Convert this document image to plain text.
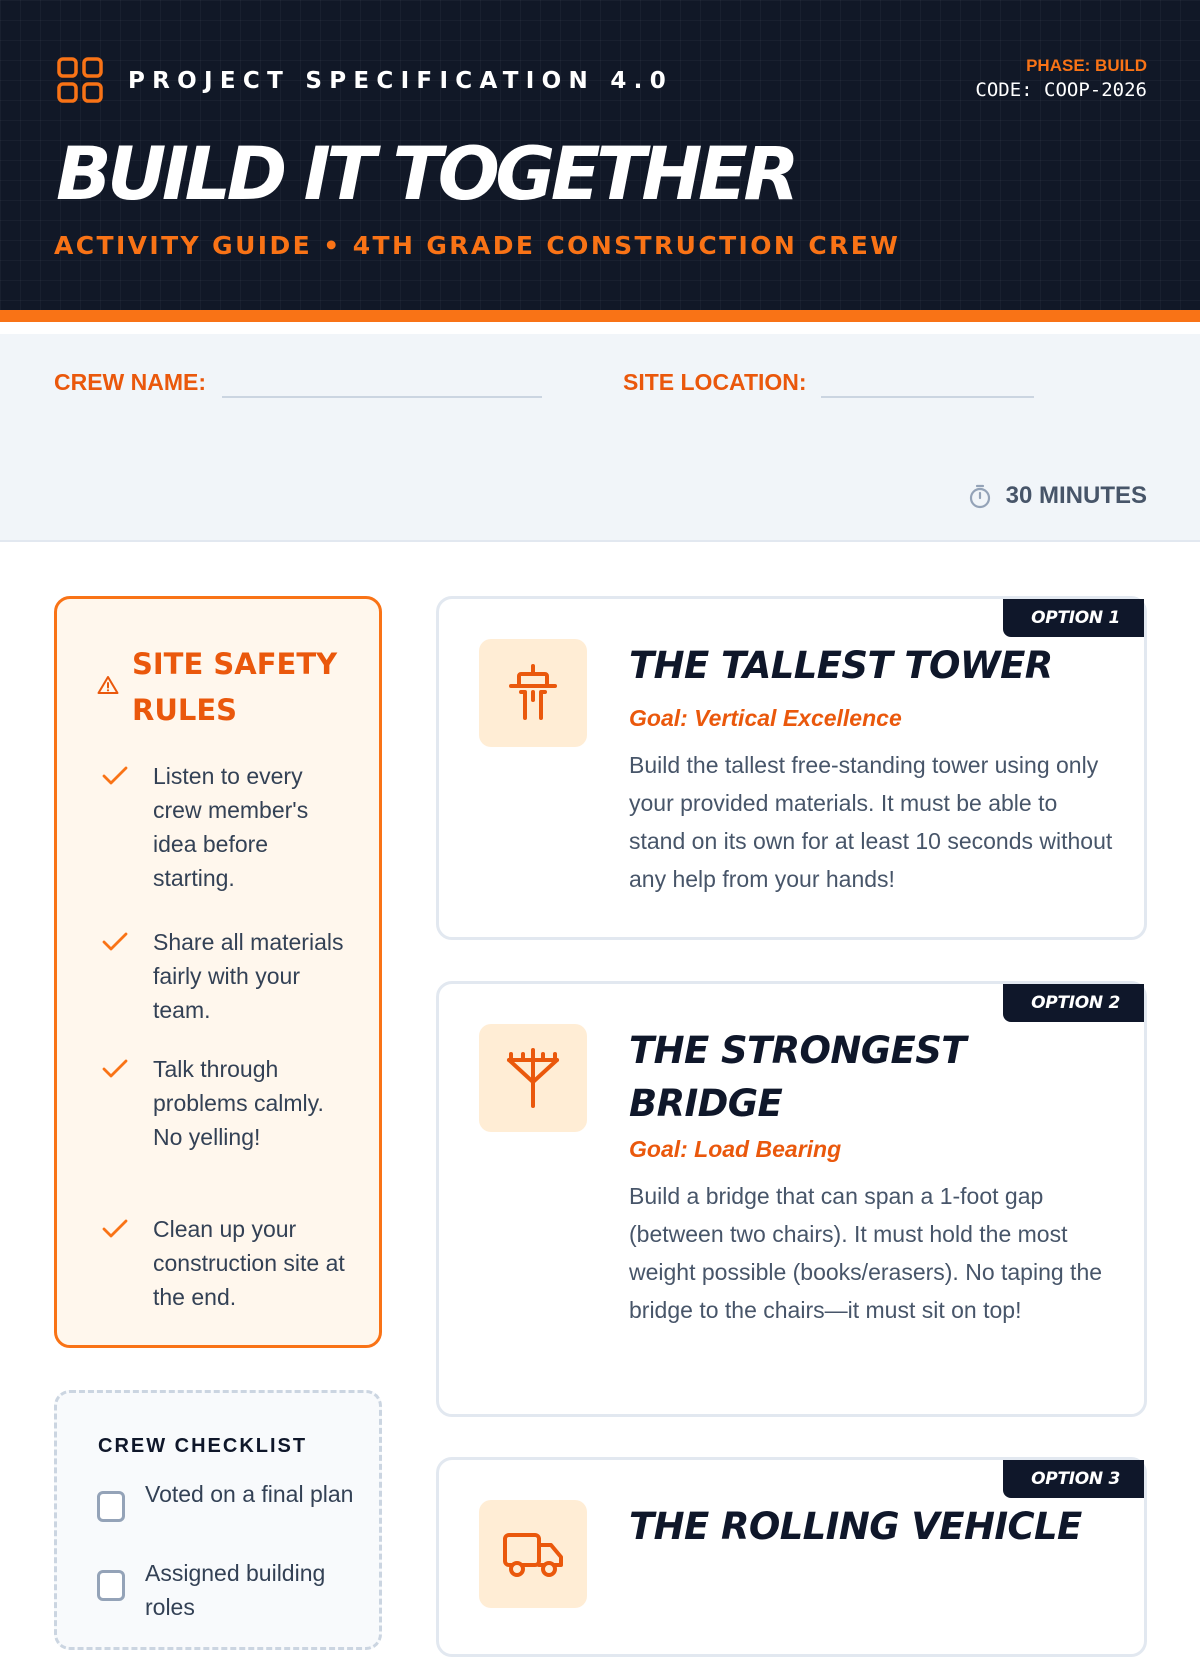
PROJECT SPECIFICATION 4.0
PHASE: BUILD
CODE: COOP-2026
BUILD IT TOGETHER
ACTIVITY GUIDE • 4TH GRADE CONSTRUCTION CREW
CREW NAME:	SITE LOCATION:
30 MINUTES
SITE SAFETY RULES
Listen to every crew member's idea before starting.
Share all materials fairly with your team.
Talk through problems calmly. No yelling!
Clean up your construction site at the end.
CREW CHECKLIST
Voted on a final plan
Assigned building roles
OPTION 1
THE TALLEST TOWER
Goal: Vertical Excellence
Build the tallest free-standing tower using only your provided materials. It must be able to stand on its own for at least 10 seconds without any help from your hands!
OPTION 2
THE STRONGEST BRIDGE
Goal: Load Bearing
Build a bridge that can span a 1-foot gap (between two chairs). It must hold the most weight possible (books/erasers). No taping the bridge to the chairs—it must sit on top!
OPTION 3
THE ROLLING VEHICLE
